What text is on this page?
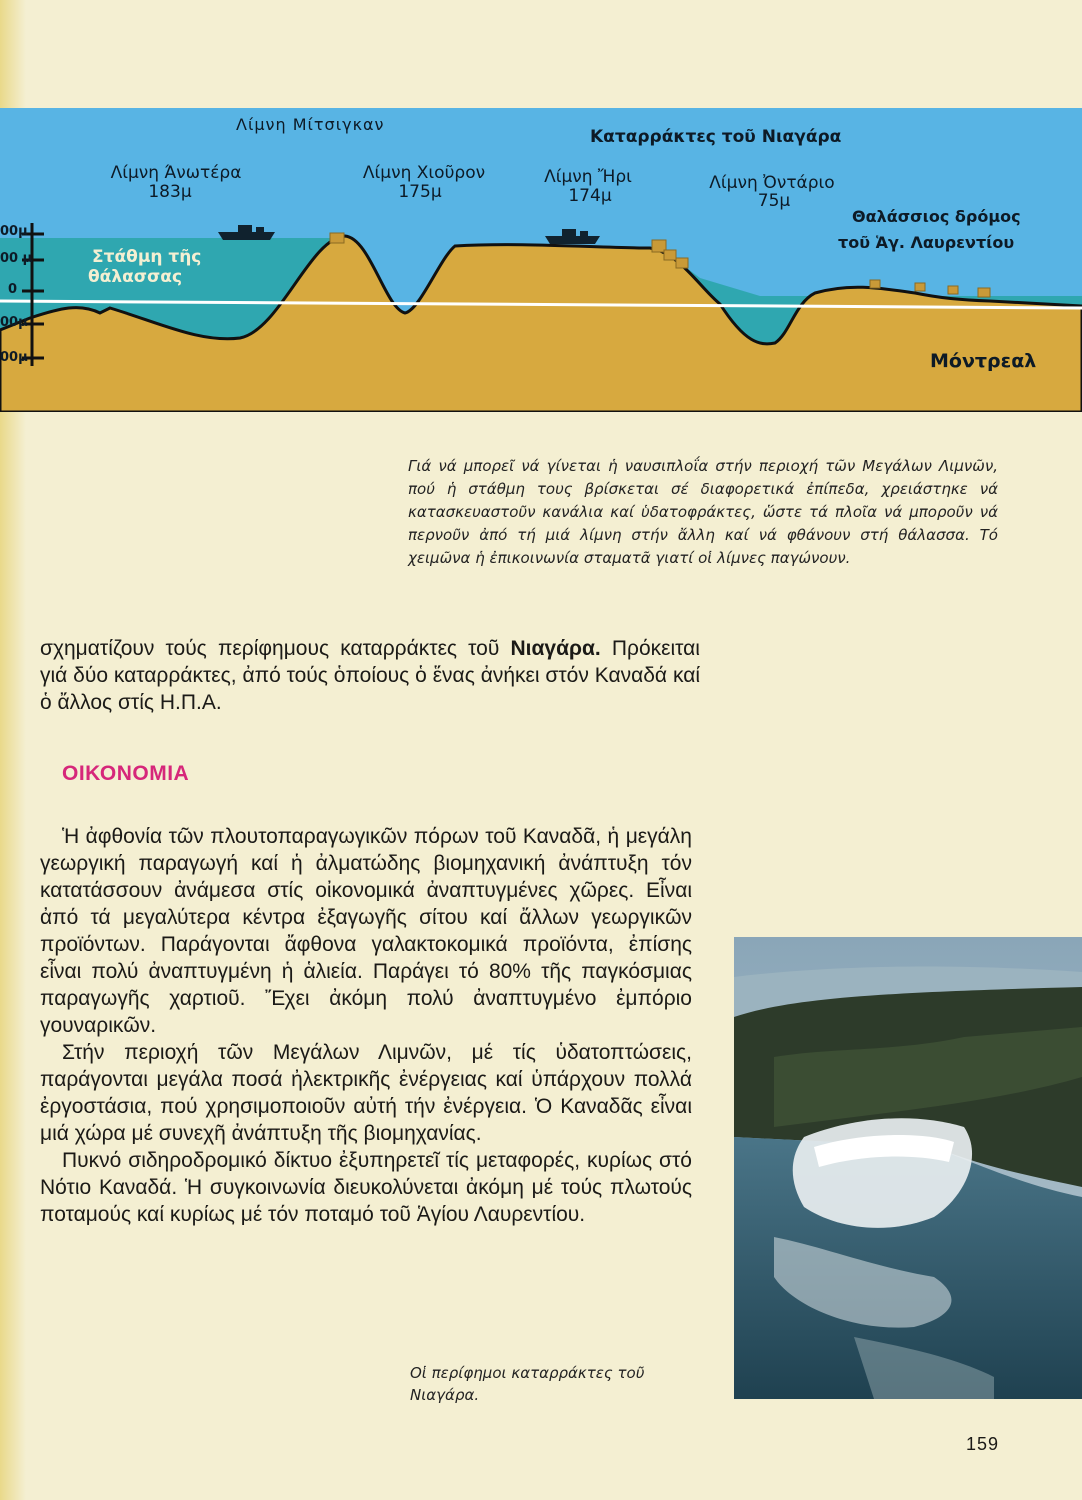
Λίμνη Μίτσιγκαν
Καταρράκτες τοῦ Νιαγάρα
Λίμνη Άνωτέρα
183μ
Λίμνη Χιοῦρον
175μ
Λίμνη Ἤρι
174μ
Λίμνη Ὀντάριο
75μ
Θαλάσσιος δρόμος
τοῦ Ἁγ. Λαυρεντίου
Στάθμη τῆς
θάλασσας
Μόντρεαλ
00μ
00 μ
0
00μ
00μ
Γιά νά μπορεῖ νά γίνεται ἡ ναυσιπλοΐα στήν περιοχή τῶν Μεγάλων Λιμνῶν, πού ἡ στάθμη τους βρίσκεται σέ διαφορετικά ἐπίπεδα, χρειάστηκε νά κατασκευαστοῦν κανάλια καί ὑδατοφράκτες, ὥστε τά πλοῖα νά μποροῦν νά περνοῦν ἀπό τή μιά λίμνη στήν ἄλλη καί νά φθάνουν στή θάλασσα. Τό χειμῶνα ἡ ἐπικοινωνία σταματᾶ γιατί οἱ λίμνες παγώνουν.
σχηματίζουν τούς περίφημους καταρράκτες τοῦ Νιαγάρα. Πρόκειται γιά δύο καταρράκτες, ἀπό τούς ὁποίους ὁ ἕνας ἀνήκει στόν Καναδά καί ὁ ἄλλος στίς Η.Π.Α.
ΟΙΚΟΝΟΜΙΑ

Ἡ ἀφθονία τῶν πλουτοπαραγωγικῶν πόρων τοῦ Καναδᾶ, ἡ μεγάλη γεωργική παραγωγή καί ἡ ἀλματώδης βιομηχανική ἀνάπτυξη τόν κατατάσσουν ἀνάμεσα στίς οἰκονομικά ἀναπτυγμένες χῶρες. Εἶναι ἀπό τά μεγαλύτερα κέντρα ἐξαγωγῆς σίτου καί ἄλλων γεωργικῶν προϊόντων. Παράγονται ἄφθονα γαλακτοκομικά προϊόντα, ἐπίσης εἶναι πολύ ἀναπτυγμένη ἡ ἁλιεία. Παράγει τό 80% τῆς παγκόσμιας παραγωγῆς χαρτιοῦ. Ἔχει ἀκόμη πολύ ἀναπτυγμένο ἐμπόριο γουναρικῶν.

Στήν περιοχή τῶν Μεγάλων Λιμνῶν, μέ τίς ὑδατοπτώσεις, παράγονται μεγάλα ποσά ἠλεκτρικῆς ἐνέργειας καί ὑπάρχουν πολλά ἐργοστάσια, πού χρησιμοποιοῦν αὐτή τήν ἐνέργεια. Ὁ Καναδᾶς εἶναι μιά χώρα μέ συνεχῆ ἀνάπτυξη τῆς βιομηχανίας.

Πυκνό σιδηροδρομικό δίκτυο ἐξυπηρετεῖ τίς μεταφορές, κυρίως στό Νότιο Καναδά. Ἡ συγκοινωνία διευκολύνεται ἀκόμη μέ τούς πλωτούς ποταμούς καί κυρίως μέ τόν ποταμό τοῦ Ἁγίου Λαυρεντίου.

Οἱ περίφημοι καταρράκτες τοῦ Νιαγάρα.
159
